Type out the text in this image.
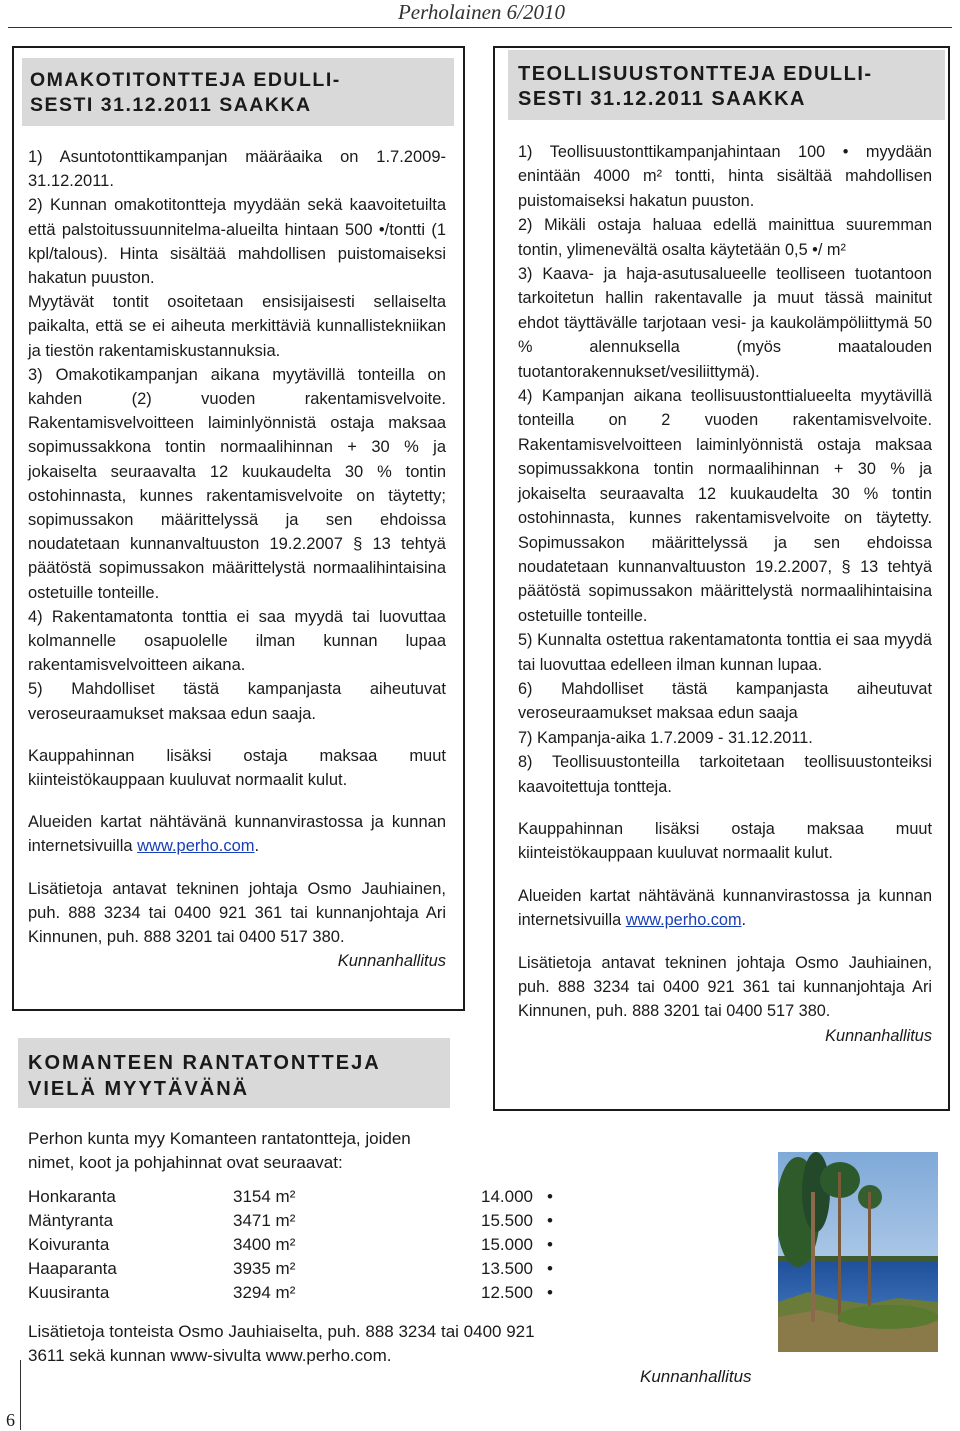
Perholainen 6/2010
OMAKOTITONTTEJA EDULLI-
SESTI 31.12.2011 SAAKKA

1) Asuntotonttikampanjan määräaika on 1.7.2009-31.12.2011.

2) Kunnan omakotitontteja myydään sekä kaavoitetuilta että palstoitussuunnitelma-alueilta hintaan 500 •/tontti (1 kpl/talous). Hinta sisältää mahdollisen puistomaiseksi hakatun puuston.

Myytävät tontit osoitetaan ensisijaisesti sellaiselta paikalta, että se ei aiheuta merkittäviä kunnallistekniikan ja tiestön rakentamiskustannuksia.

3) Omakotikampanjan aikana myytävillä tonteilla on kahden (2) vuoden rakentamisvelvoite. Rakentamisvelvoitteen laiminlyönnistä ostaja maksaa sopimussakkona tontin normaalihinnan + 30 % ja jokaiselta seuraavalta 12 kuukaudelta 30 % tontin ostohinnasta, kunnes rakentamisvelvoite on täytetty; sopimussakon määrittelyssä ja sen ehdoissa noudatetaan kunnanvaltuuston 19.2.2007 § 13 tehtyä päätöstä sopimussakon määrittelystä normaalihintaisina ostetuille tonteille.

4) Rakentamatonta tonttia ei saa myydä tai luovuttaa kolmannelle osapuolelle ilman kunnan lupaa rakentamisvelvoitteen aikana.

5) Mahdolliset tästä kampanjasta aiheutuvat veroseuraamukset maksaa edun saaja.

Kauppahinnan lisäksi ostaja maksaa muut kiinteistökauppaan kuuluvat normaalit kulut.

Alueiden kartat nähtävänä kunnanvirastossa ja kunnan internetsivuilla www.perho.com.

Lisätietoja antavat tekninen johtaja Osmo Jauhiainen, puh. 888 3234 tai 0400 921 361 tai kunnanjohtaja Ari Kinnunen, puh. 888 3201 tai 0400 517 380.

Kunnanhallitus

TEOLLISUUSTONTTEJA EDULLI-
SESTI 31.12.2011 SAAKKA

1) Teollisuustonttikampanjahintaan 100 • myydään enintään 4000 m² tontti, hinta sisältää mahdollisen puistomaiseksi hakatun puuston.

2) Mikäli ostaja haluaa edellä mainittua suuremman tontin, ylimenevältä osalta käytetään 0,5 •/ m²

3) Kaava- ja haja-asutusalueelle teolliseen tuotantoon tarkoitetun hallin rakentavalle ja muut tässä mainitut ehdot täyttävälle tarjotaan vesi- ja kaukolämpöliittymä 50 % alennuksella (myös maatalouden tuotantorakennukset/vesiliittymä).

4) Kampanjan aikana teollisuustonttialueelta myytävillä tonteilla on 2 vuoden rakentamisvelvoite. Rakentamisvelvoitteen laiminlyönnistä ostaja maksaa sopimussakkona tontin normaalihinnan + 30 % ja jokaiselta seuraavalta 12 kuukaudelta 30 % tontin ostohinnasta, kunnes rakentamisvelvoite on täytetty. Sopimussakon määrittelyssä ja sen ehdoissa noudatetaan kunnanvaltuuston 19.2.2007, § 13 tehtyä päätöstä sopimussakon määrittelystä normaalihintaisina ostetuille tonteille.

5) Kunnalta ostettua rakentamatonta tonttia ei saa myydä tai luovuttaa edelleen ilman kunnan lupaa.

6) Mahdolliset tästä kampanjasta aiheutuvat veroseuraamukset maksaa edun saaja

7) Kampanja-aika 1.7.2009 - 31.12.2011.

8) Teollisuustonteilla tarkoitetaan teollisuustonteiksi kaavoitettuja tontteja.

Kauppahinnan lisäksi ostaja maksaa muut kiinteistökauppaan kuuluvat normaalit kulut.

Alueiden kartat nähtävänä kunnanvirastossa ja kunnan internetsivuilla www.perho.com.

Lisätietoja antavat tekninen johtaja Osmo Jauhiainen, puh. 888 3234 tai 0400 921 361 tai kunnanjohtaja Ari Kinnunen, puh. 888 3201 tai 0400 517 380.

Kunnanhallitus

KOMANTEEN RANTATONTTEJA
VIELÄ MYYTÄVÄNÄ
Perhon kunta myy Komanteen rantatontteja, joiden nimet, koot ja pohjahinnat ovat seuraavat:
Honkaranta	3154 m²	14.000 •
Mäntyranta	3471 m²	15.500 •
Koivuranta	3400 m²	15.000 •
Haaparanta	3935 m²	13.500 •
Kuusiranta	3294 m²	12.500 •
Lisätietoja tonteista Osmo Jauhiaiselta, puh. 888 3234 tai 0400 921 3611 sekä kunnan www-sivulta www.perho.com.
Kunnanhallitus
6
